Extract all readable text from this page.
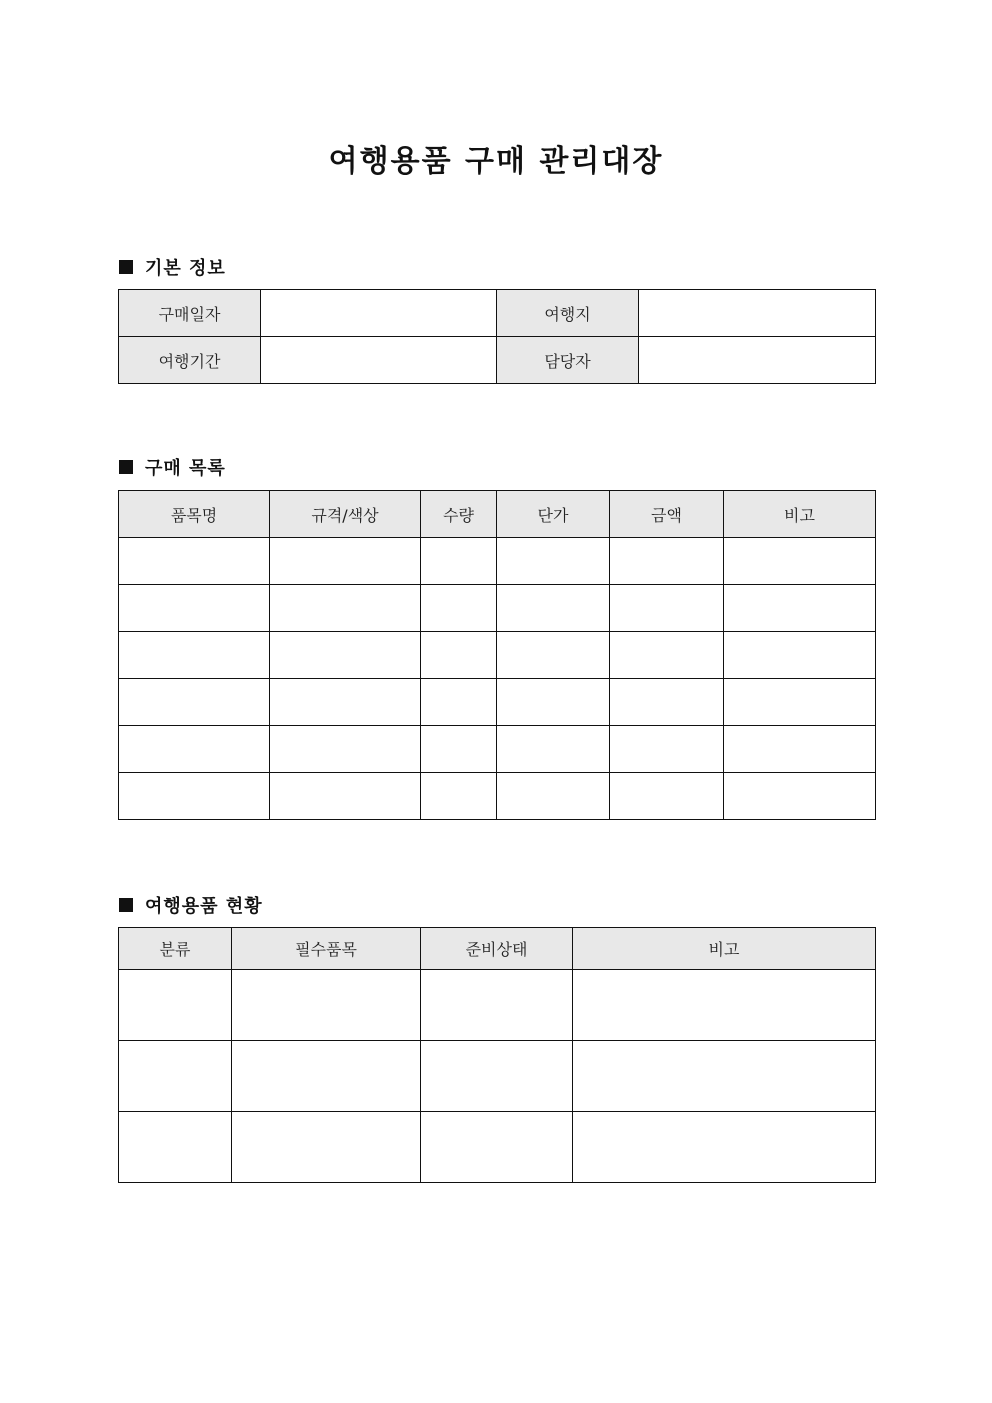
여행용품 구매 관리대장
기본 정보
구매일자		여행지	
여행기간		담당자	
구매 목록
품목명	규격/색상	수량	단가	금액	비고

여행용품 현황
분류	필수품목	준비상태	비고
